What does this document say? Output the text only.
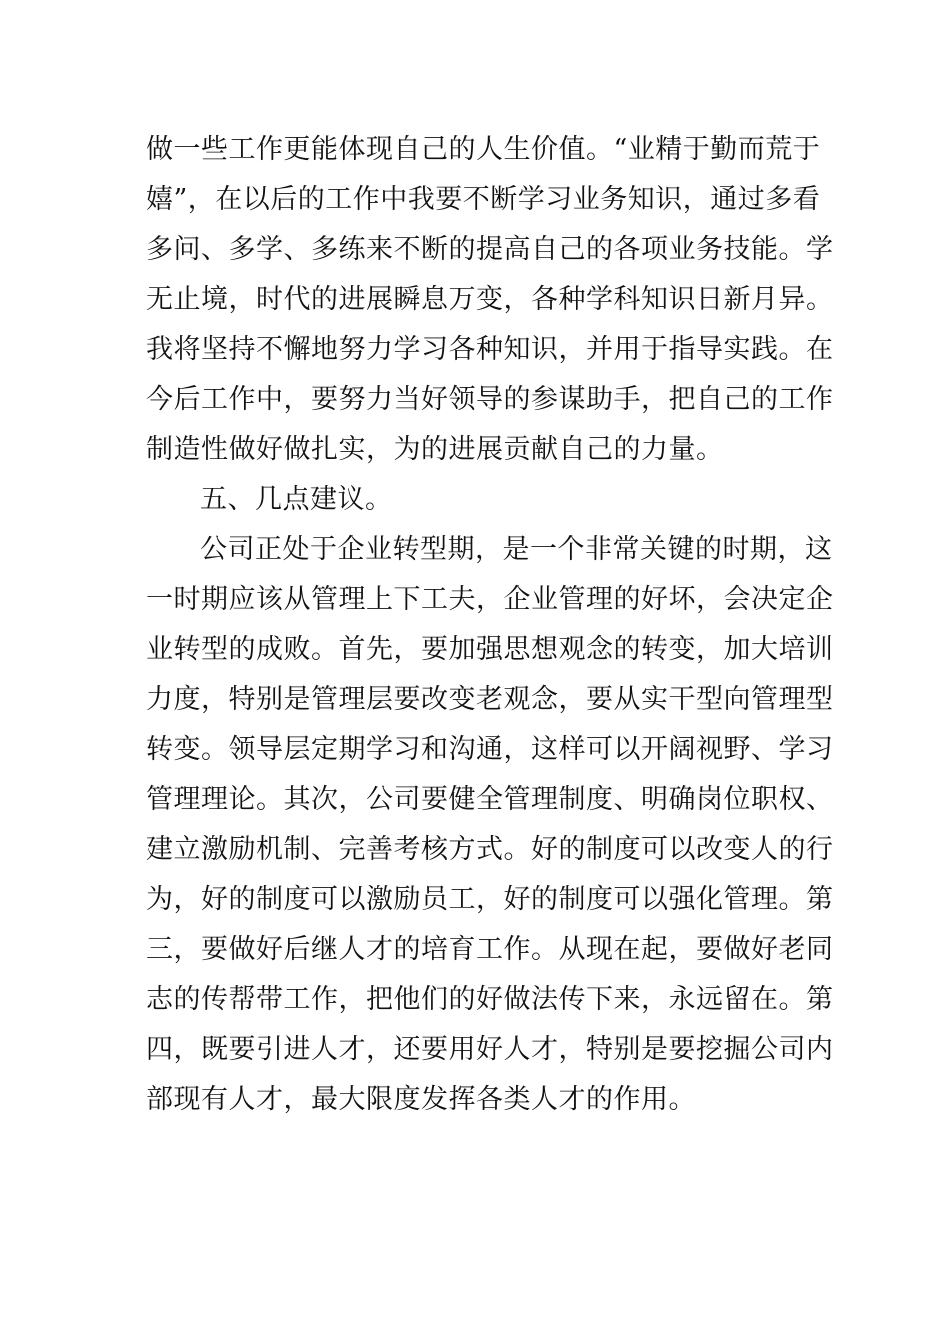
做一些工作更能体现自己的人生价值。“业精于勤而荒于
嬉”，在以后的工作中我要不断学习业务知识，通过多看
多问、多学、多练来不断的提高自己的各项业务技能。学
无止境，时代的进展瞬息万变，各种学科知识日新月异。
我将坚持不懈地努力学习各种知识，并用于指导实践。在
今后工作中，要努力当好领导的参谋助手，把自己的工作
制造性做好做扎实，为的进展贡献自己的力量。
五、几点建议。
公司正处于企业转型期，是一个非常关键的时期，这
一时期应该从管理上下工夫，企业管理的好坏，会决定企
业转型的成败。首先，要加强思想观念的转变，加大培训
力度，特别是管理层要改变老观念，要从实干型向管理型
转变。领导层定期学习和沟通，这样可以开阔视野、学习
管理理论。其次，公司要健全管理制度、明确岗位职权、
建立激励机制、完善考核方式。好的制度可以改变人的行
为，好的制度可以激励员工，好的制度可以强化管理。第
三，要做好后继人才的培育工作。从现在起，要做好老同
志的传帮带工作，把他们的好做法传下来，永远留在。第
四，既要引进人才，还要用好人才，特别是要挖掘公司内
部现有人才，最大限度发挥各类人才的作用。
